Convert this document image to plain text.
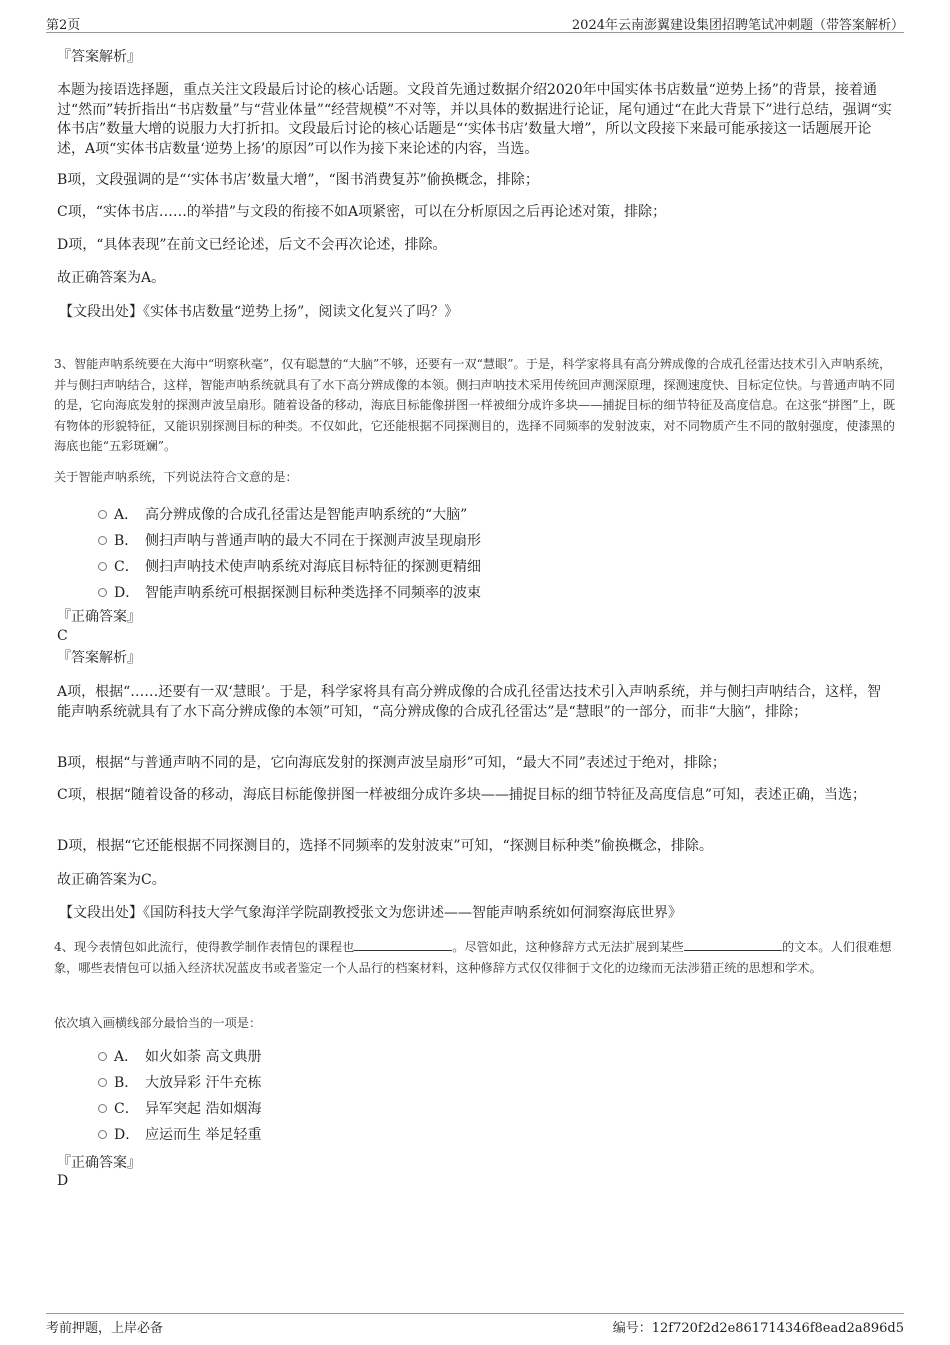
第2页	2024年云南澎翼建设集团招聘笔试冲刺题（带答案解析）

『答案解析』

本题为接语选择题，重点关注文段最后讨论的核心话题。文段首先通过数据介绍2020年中国实体书店数量“逆势上扬”的背景，接着通过“然而”转折指出“书店数量”与“营业体量”“经营规模”不对等，并以具体的数据进行论证，尾句通过“在此大背景下”进行总结，强调“实体书店”数量大增的说服力大打折扣。文段最后讨论的核心话题是“‘实体书店’数量大增”，所以文段接下来最可能承接这一话题展开论述，A项“实体书店数量‘逆势上扬’的原因”可以作为接下来论述的内容，当选。

B项，文段强调的是“‘实体书店’数量大增”，“图书消费复苏”偷换概念，排除；

C项，“实体书店……的举措”与文段的衔接不如A项紧密，可以在分析原因之后再论述对策，排除；

D项，“具体表现”在前文已经论述，后文不会再次论述，排除。

故正确答案为A。

【文段出处】《实体书店数量“逆势上扬”，阅读文化复兴了吗？》

3、智能声呐系统要在大海中“明察秋毫”，仅有聪慧的“大脑”不够，还要有一双“慧眼”。于是，科学家将具有高分辨成像的合成孔径雷达技术引入声呐系统，并与侧扫声呐结合，这样，智能声呐系统就具有了水下高分辨成像的本领。侧扫声呐技术采用传统回声测深原理，探测速度快、目标定位快。与普通声呐不同的是，它向海底发射的探测声波呈扇形。随着设备的移动，海底目标能像拼图一样被细分成许多块——捕捉目标的细节特征及高度信息。在这张“拼图”上，既有物体的形貌特征，又能识别探测目标的种类。不仅如此，它还能根据不同探测目的，选择不同频率的发射波束，对不同物质产生不同的散射强度，使漆黑的海底也能“五彩斑斓”。

关于智能声呐系统，下列说法符合文意的是：

A． 高分辨成像的合成孔径雷达是智能声呐系统的“大脑”
B． 侧扫声呐与普通声呐的最大不同在于探测声波呈现扇形
C． 侧扫声呐技术使声呐系统对海底目标特征的探测更精细
D． 智能声呐系统可根据探测目标种类选择不同频率的波束

『正确答案』

C

『答案解析』

A项，根据“……还要有一双‘慧眼’。于是，科学家将具有高分辨成像的合成孔径雷达技术引入声呐系统，并与侧扫声呐结合，这样，智能声呐系统就具有了水下高分辨成像的本领”可知，“高分辨成像的合成孔径雷达”是“慧眼”的一部分，而非“大脑”，排除；

B项，根据“与普通声呐不同的是，它向海底发射的探测声波呈扇形”可知，“最大不同”表述过于绝对，排除；

C项，根据“随着设备的移动，海底目标能像拼图一样被细分成许多块——捕捉目标的细节特征及高度信息”可知，表述正确，当选；

D项，根据“它还能根据不同探测目的，选择不同频率的发射波束”可知，“探测目标种类”偷换概念，排除。

故正确答案为C。

【文段出处】《国防科技大学气象海洋学院副教授张文为您讲述——智能声呐系统如何洞察海底世界》

4、现今表情包如此流行，使得教学制作表情包的课程也	。尽管如此，这种修辞方式无法扩展到某些	的文本。人们很难想象，哪些表情包可以插入经济状况蓝皮书或者鉴定一个人品行的档案材料，这种修辞方式仅仅徘徊于文化的边缘而无法涉猎正统的思想和学术。

依次填入画横线部分最恰当的一项是：

A． 如火如荼 高文典册
B． 大放异彩 汗牛充栋
C． 异军突起 浩如烟海
D． 应运而生 举足轻重

『正确答案』

D

考前押题，上岸必备	编号：12f720f2d2e861714346f8ead2a896d5
